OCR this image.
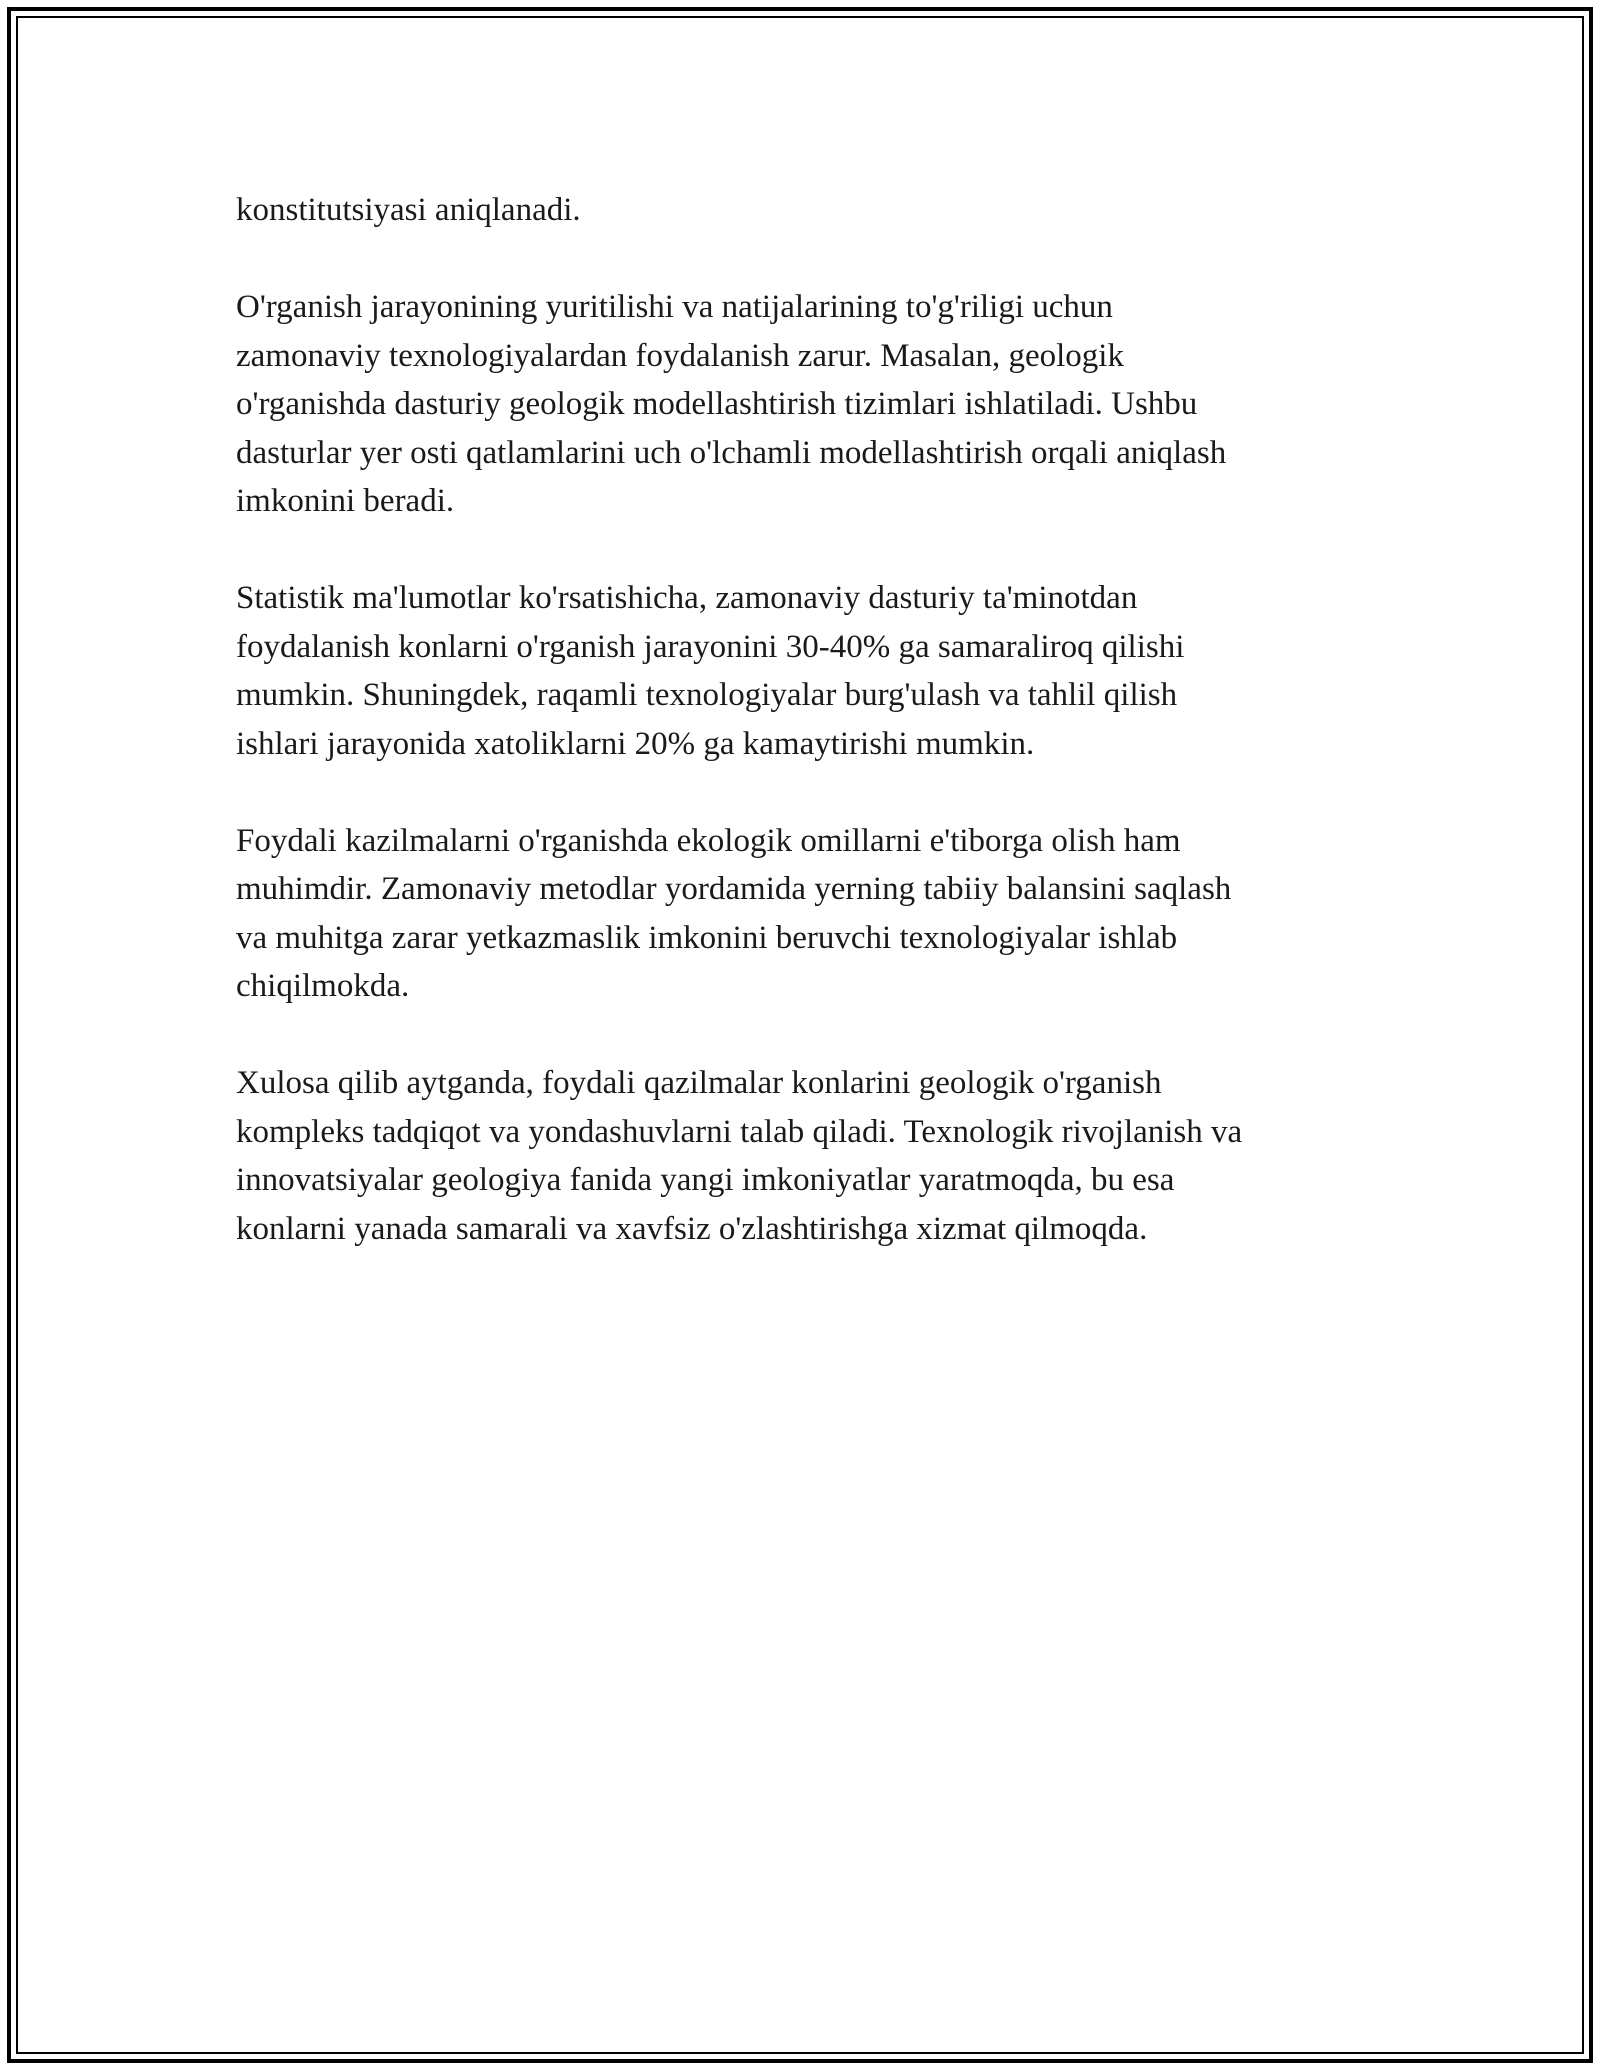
konstitutsiyasi aniqlanadi.

O'rganish jarayonining yuritilishi va natijalarining to'g'riligi uchun
zamonaviy texnologiyalardan foydalanish zarur. Masalan, geologik
o'rganishda dasturiy geologik modellashtirish tizimlari ishlatiladi. Ushbu
dasturlar yer osti qatlamlarini uch o'lchamli modellashtirish orqali aniqlash
imkonini beradi.

Statistik ma'lumotlar ko'rsatishicha, zamonaviy dasturiy ta'minotdan
foydalanish konlarni o'rganish jarayonini 30-40% ga samaraliroq qilishi
mumkin. Shuningdek, raqamli texnologiyalar burg'ulash va tahlil qilish
ishlari jarayonida xatoliklarni 20% ga kamaytirishi mumkin.

Foydali kazilmalarni o'rganishda ekologik omillarni e'tiborga olish ham
muhimdir. Zamonaviy metodlar yordamida yerning tabiiy balansini saqlash
va muhitga zarar yetkazmaslik imkonini beruvchi texnologiyalar ishlab
chiqilmokda.

Xulosa qilib aytganda, foydali qazilmalar konlarini geologik o'rganish
kompleks tadqiqot va yondashuvlarni talab qiladi. Texnologik rivojlanish va
innovatsiyalar geologiya fanida yangi imkoniyatlar yaratmoqda, bu esa
konlarni yanada samarali va xavfsiz o'zlashtirishga xizmat qilmoqda.
